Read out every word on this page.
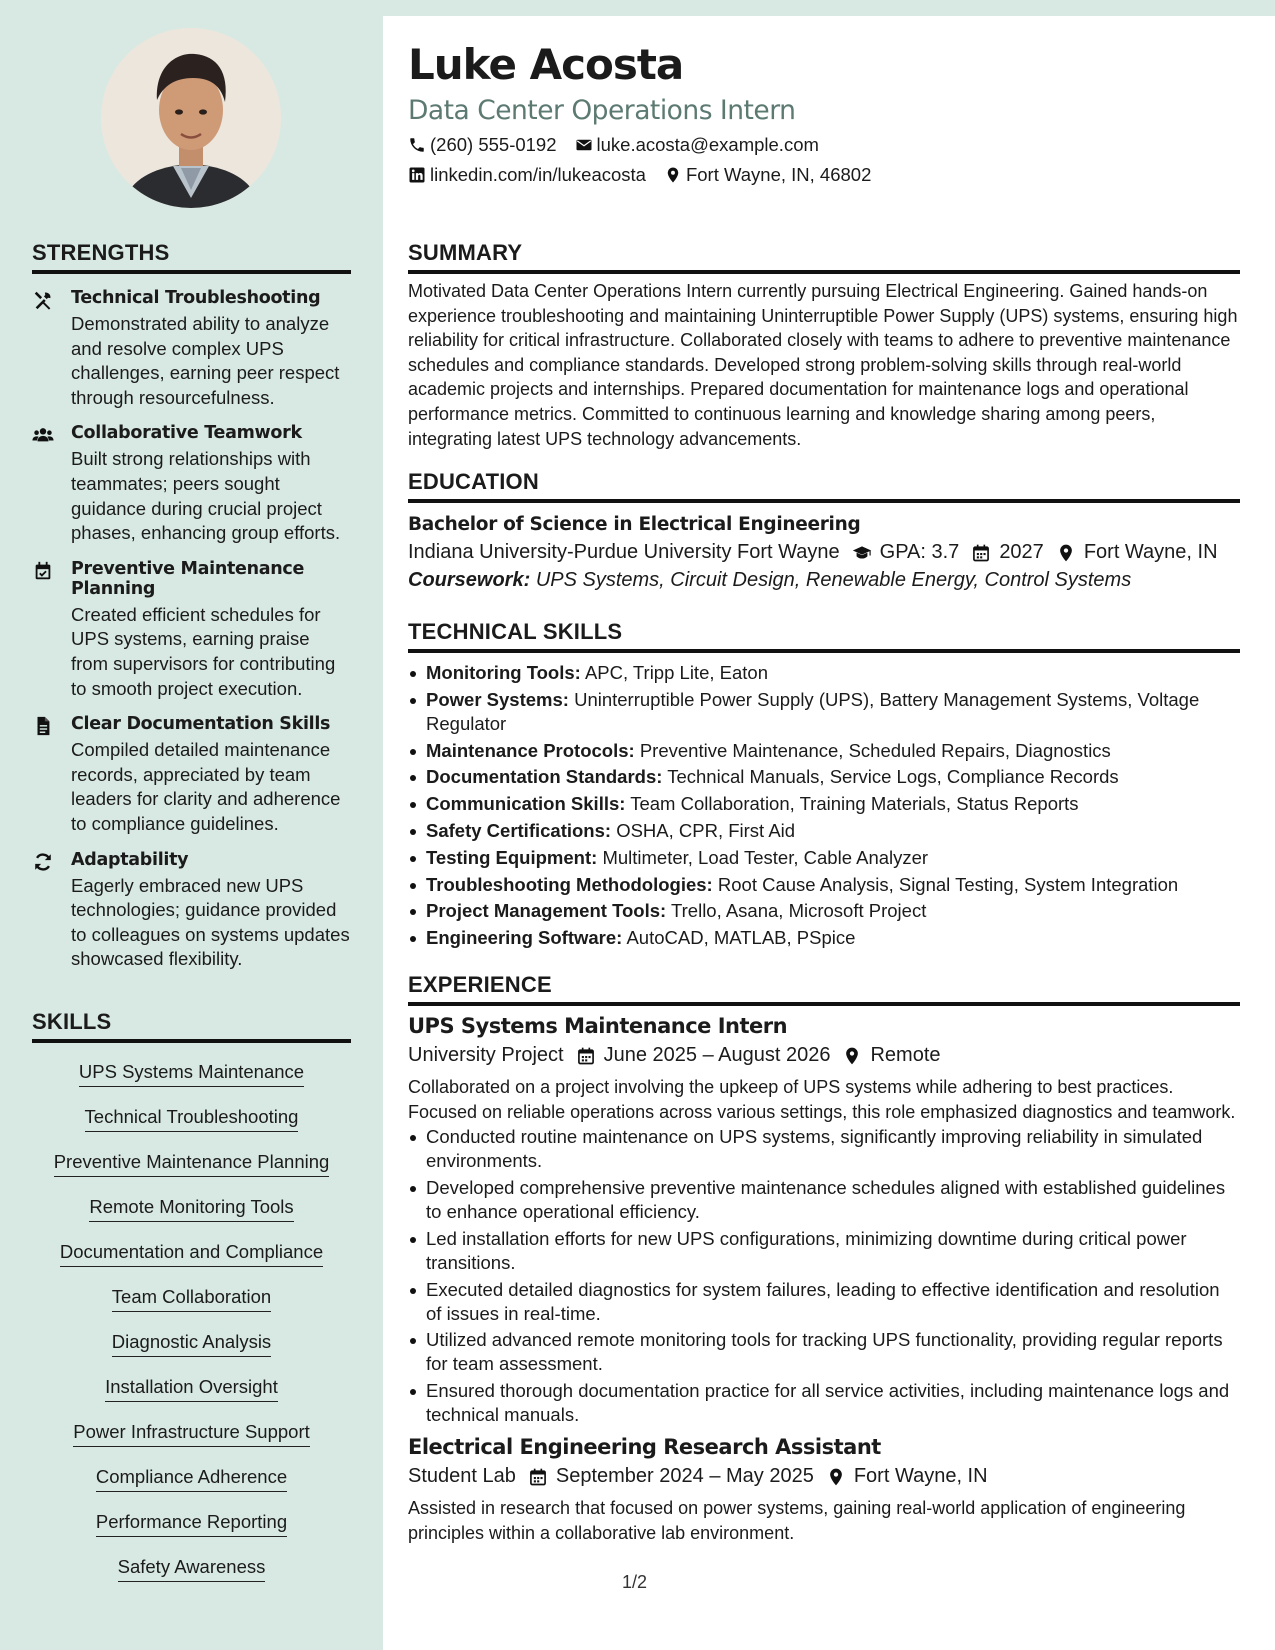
STRENGTHS
Technical Troubleshooting
Demonstrated ability to analyze and resolve complex UPS challenges, earning peer respect through resourcefulness.
Collaborative Teamwork
Built strong relationships with teammates; peers sought guidance during crucial project phases, enhancing group efforts.
Preventive Maintenance Planning
Created efficient schedules for UPS systems, earning praise from supervisors for contributing to smooth project execution.
Clear Documentation Skills
Compiled detailed maintenance records, appreciated by team leaders for clarity and adherence to compliance guidelines.
Adaptability
Eagerly embraced new UPS technologies; guidance provided to colleagues on systems updates showcased flexibility.
SKILLS
UPS Systems Maintenance
Technical Troubleshooting
Preventive Maintenance Planning
Remote Monitoring Tools
Documentation and Compliance
Team Collaboration
Diagnostic Analysis
Installation Oversight
Power Infrastructure Support
Compliance Adherence
Performance Reporting
Safety Awareness
Luke Acosta
Data Center Operations Intern
(260) 555-0192 luke.acosta@example.com
linkedin.com/in/lukeacosta Fort Wayne, IN, 46802
SUMMARY
Motivated Data Center Operations Intern currently pursuing Electrical Engineering. Gained hands-on experience troubleshooting and maintaining Uninterruptible Power Supply (UPS) systems, ensuring high reliability for critical infrastructure. Collaborated closely with teams to adhere to preventive maintenance schedules and compliance standards. Developed strong problem-solving skills through real-world academic projects and internships. Prepared documentation for maintenance logs and operational performance metrics. Committed to continuous learning and knowledge sharing among peers, integrating latest UPS technology advancements.
EDUCATION
Bachelor of Science in Electrical Engineering
Indiana University-Purdue University Fort Wayne GPA: 3.7 2027 Fort Wayne, IN
Coursework: UPS Systems, Circuit Design, Renewable Energy, Control Systems
TECHNICAL SKILLS
Monitoring Tools: APC, Tripp Lite, Eaton
Power Systems: Uninterruptible Power Supply (UPS), Battery Management Systems, Voltage Regulator
Maintenance Protocols: Preventive Maintenance, Scheduled Repairs, Diagnostics
Documentation Standards: Technical Manuals, Service Logs, Compliance Records
Communication Skills: Team Collaboration, Training Materials, Status Reports
Safety Certifications: OSHA, CPR, First Aid
Testing Equipment: Multimeter, Load Tester, Cable Analyzer
Troubleshooting Methodologies: Root Cause Analysis, Signal Testing, System Integration
Project Management Tools: Trello, Asana, Microsoft Project
Engineering Software: AutoCAD, MATLAB, PSpice
EXPERIENCE
UPS Systems Maintenance Intern
University Project June 2025 – August 2026 Remote
Collaborated on a project involving the upkeep of UPS systems while adhering to best practices. Focused on reliable operations across various settings, this role emphasized diagnostics and teamwork.
Conducted routine maintenance on UPS systems, significantly improving reliability in simulated environments.
Developed comprehensive preventive maintenance schedules aligned with established guidelines to enhance operational efficiency.
Led installation efforts for new UPS configurations, minimizing downtime during critical power transitions.
Executed detailed diagnostics for system failures, leading to effective identification and resolution of issues in real-time.
Utilized advanced remote monitoring tools for tracking UPS functionality, providing regular reports for team assessment.
Ensured thorough documentation practice for all service activities, including maintenance logs and technical manuals.
Electrical Engineering Research Assistant
Student Lab September 2024 – May 2025 Fort Wayne, IN
Assisted in research that focused on power systems, gaining real-world application of engineering principles within a collaborative lab environment.
1/2
